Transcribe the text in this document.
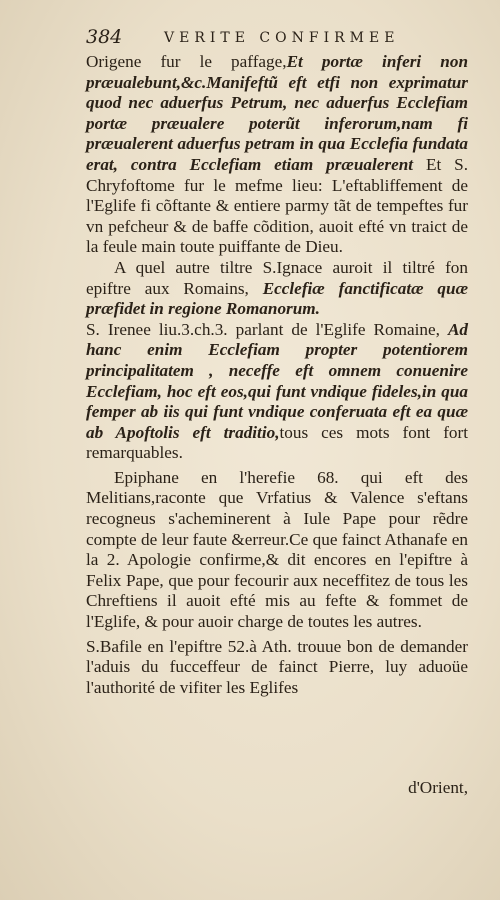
384	VERITE CONFIRMEE

Origene fur le paffage,Et portæ inferi non præualebunt,&c.Manifeftũ eft etfi non exprimatur quod nec aduerfus Petrum, nec aduerfus Ecclefiam portæ præualere poterũt inferorum,nam fi præualerent aduerfus petram in qua Ecclefia fundata erat, contra Ecclefiam etiam præualerent Et S. Chryfoftome fur le mefme lieu: L'eftabliffement de l'Eglife fi cõftante & entiere parmy tãt de tempeftes fur vn pefcheur & de baffe cõdition, auoit efté vn traict de la feule main toute puiffante de Dieu.

A quel autre tiltre S.Ignace auroit il tiltré fon epiftre aux Romains, Ecclefiæ fanctificatæ quæ præfidet in regione Romanorum.

S. Irenee liu.3.ch.3. parlant de l'Eglife Romaine, Ad hanc enim Ecclefiam propter potentiorem principalitatem , neceffe eft omnem conuenire Ecclefiam, hoc eft eos,qui funt vndique fideles,in qua femper ab iis qui funt vndique conferuata eft ea quæ ab Apoftolis eft traditio,tous ces mots font fort remarquables.

Epiphane en l'herefie 68. qui eft des Melitians,raconte que Vrfatius & Valence s'eftans recogneus s'acheminerent à Iule Pape pour rẽdre compte de leur faute &erreur.Ce que fainct Athanafe en la 2. Apologie confirme,& dit encores en l'epiftre à Felix Pape, que pour fecourir aux neceffitez de tous les Chreftiens il auoit efté mis au fefte & fommet de l'Eglife, & pour auoir charge de toutes les autres.

S.Bafile en l'epiftre 52.à Ath. trouue bon de demander l'aduis du fucceffeur de fainct Pierre, luy aduoüe l'authorité de vifiter les Eglifes

d'Orient,
